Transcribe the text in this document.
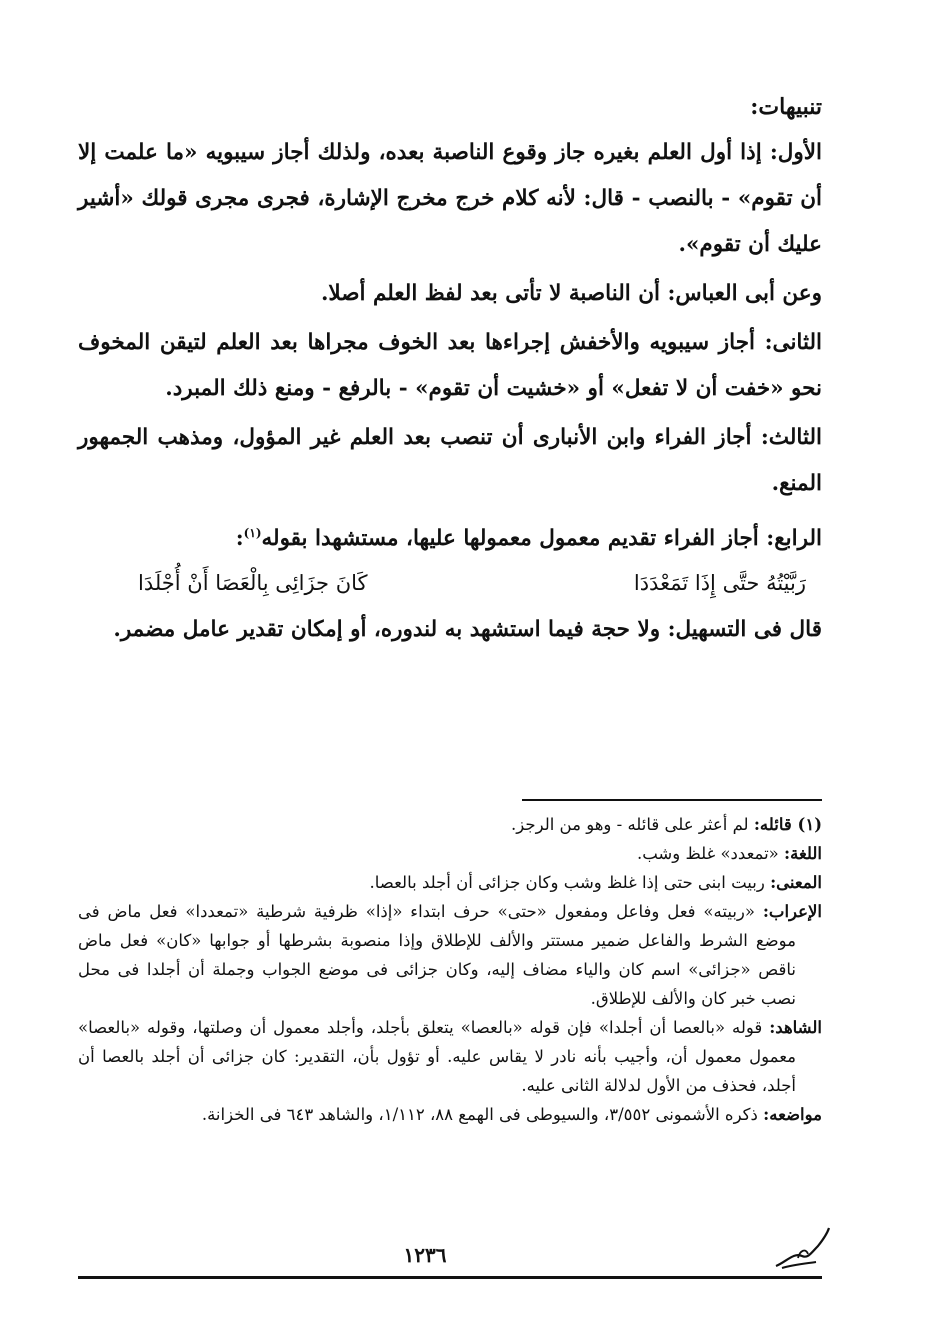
تنبيهات:

الأول: إذا أول العلم بغيره جاز وقوع الناصبة بعده، ولذلك أجاز سيبويه «ما علمت إلا أن تقوم» - بالنصب - قال: لأنه كلام خرج مخرج الإشارة، فجرى مجرى قولك «أشير عليك أن تقوم».

وعن أبى العباس: أن الناصبة لا تأتى بعد لفظ العلم أصلا.

الثانى: أجاز سيبويه والأخفش إجراءها بعد الخوف مجراها بعد العلم لتيقن المخوف نحو «خفت أن لا تفعل» أو «خشيت أن تقوم» - بالرفع - ومنع ذلك المبرد.

الثالث: أجاز الفراء وابن الأنبارى أن تنصب بعد العلم غير المؤول، ومذهب الجمهور المنع.

الرابع: أجاز الفراء تقديم معمول معمولها عليها، مستشهدا بقوله$^{(١)}$:

رَبَّيْتُهُ حتَّى إِذَا تَمَعْدَدَا
كَانَ جزَائِى بِالْعَصَا أَنْ أُجْلَدَا

قال فى التسهيل: ولا حجة فيما استشهد به لندوره، أو إمكان تقدير عامل مضمر.

(١) قائله: لم أعثر على قائله - وهو من الرجز.

اللغة: «تمعدد» غلظ وشب.

المعنى: ربيت ابنى حتى إذا غلظ وشب وكان جزائى أن أجلد بالعصا.

الإعراب: «ربيته» فعل وفاعل ومفعول «حتى» حرف ابتداء «إذا» ظرفية شرطية «تمعددا» فعل ماض فى موضع الشرط والفاعل ضمير مستتر والألف للإطلاق وإذا منصوبة بشرطها أو جوابها «كان» فعل ماض ناقص «جزائى» اسم كان والياء مضاف إليه، وكان جزائى فى موضع الجواب وجملة أن أجلدا فى محل نصب خبر كان والألف للإطلاق.

الشاهد: قوله «بالعصا أن أجلدا» فإن قوله «بالعصا» يتعلق بأجلد، وأجلد معمول أن وصلتها، وقوله «بالعصا» معمول معمول أن، وأجيب بأنه نادر لا يقاس عليه. أو تؤول بأن، التقدير: كان جزائى أن أجلد بالعصا أن أجلد، فحذف من الأول لدلالة الثانى عليه.

مواضعه: ذكره الأشمونى ٣/٥٥٢، والسيوطى فى الهمع ٨٨، ١/١١٢، والشاهد ٦٤٣ فى الخزانة.

١٢٣٦
